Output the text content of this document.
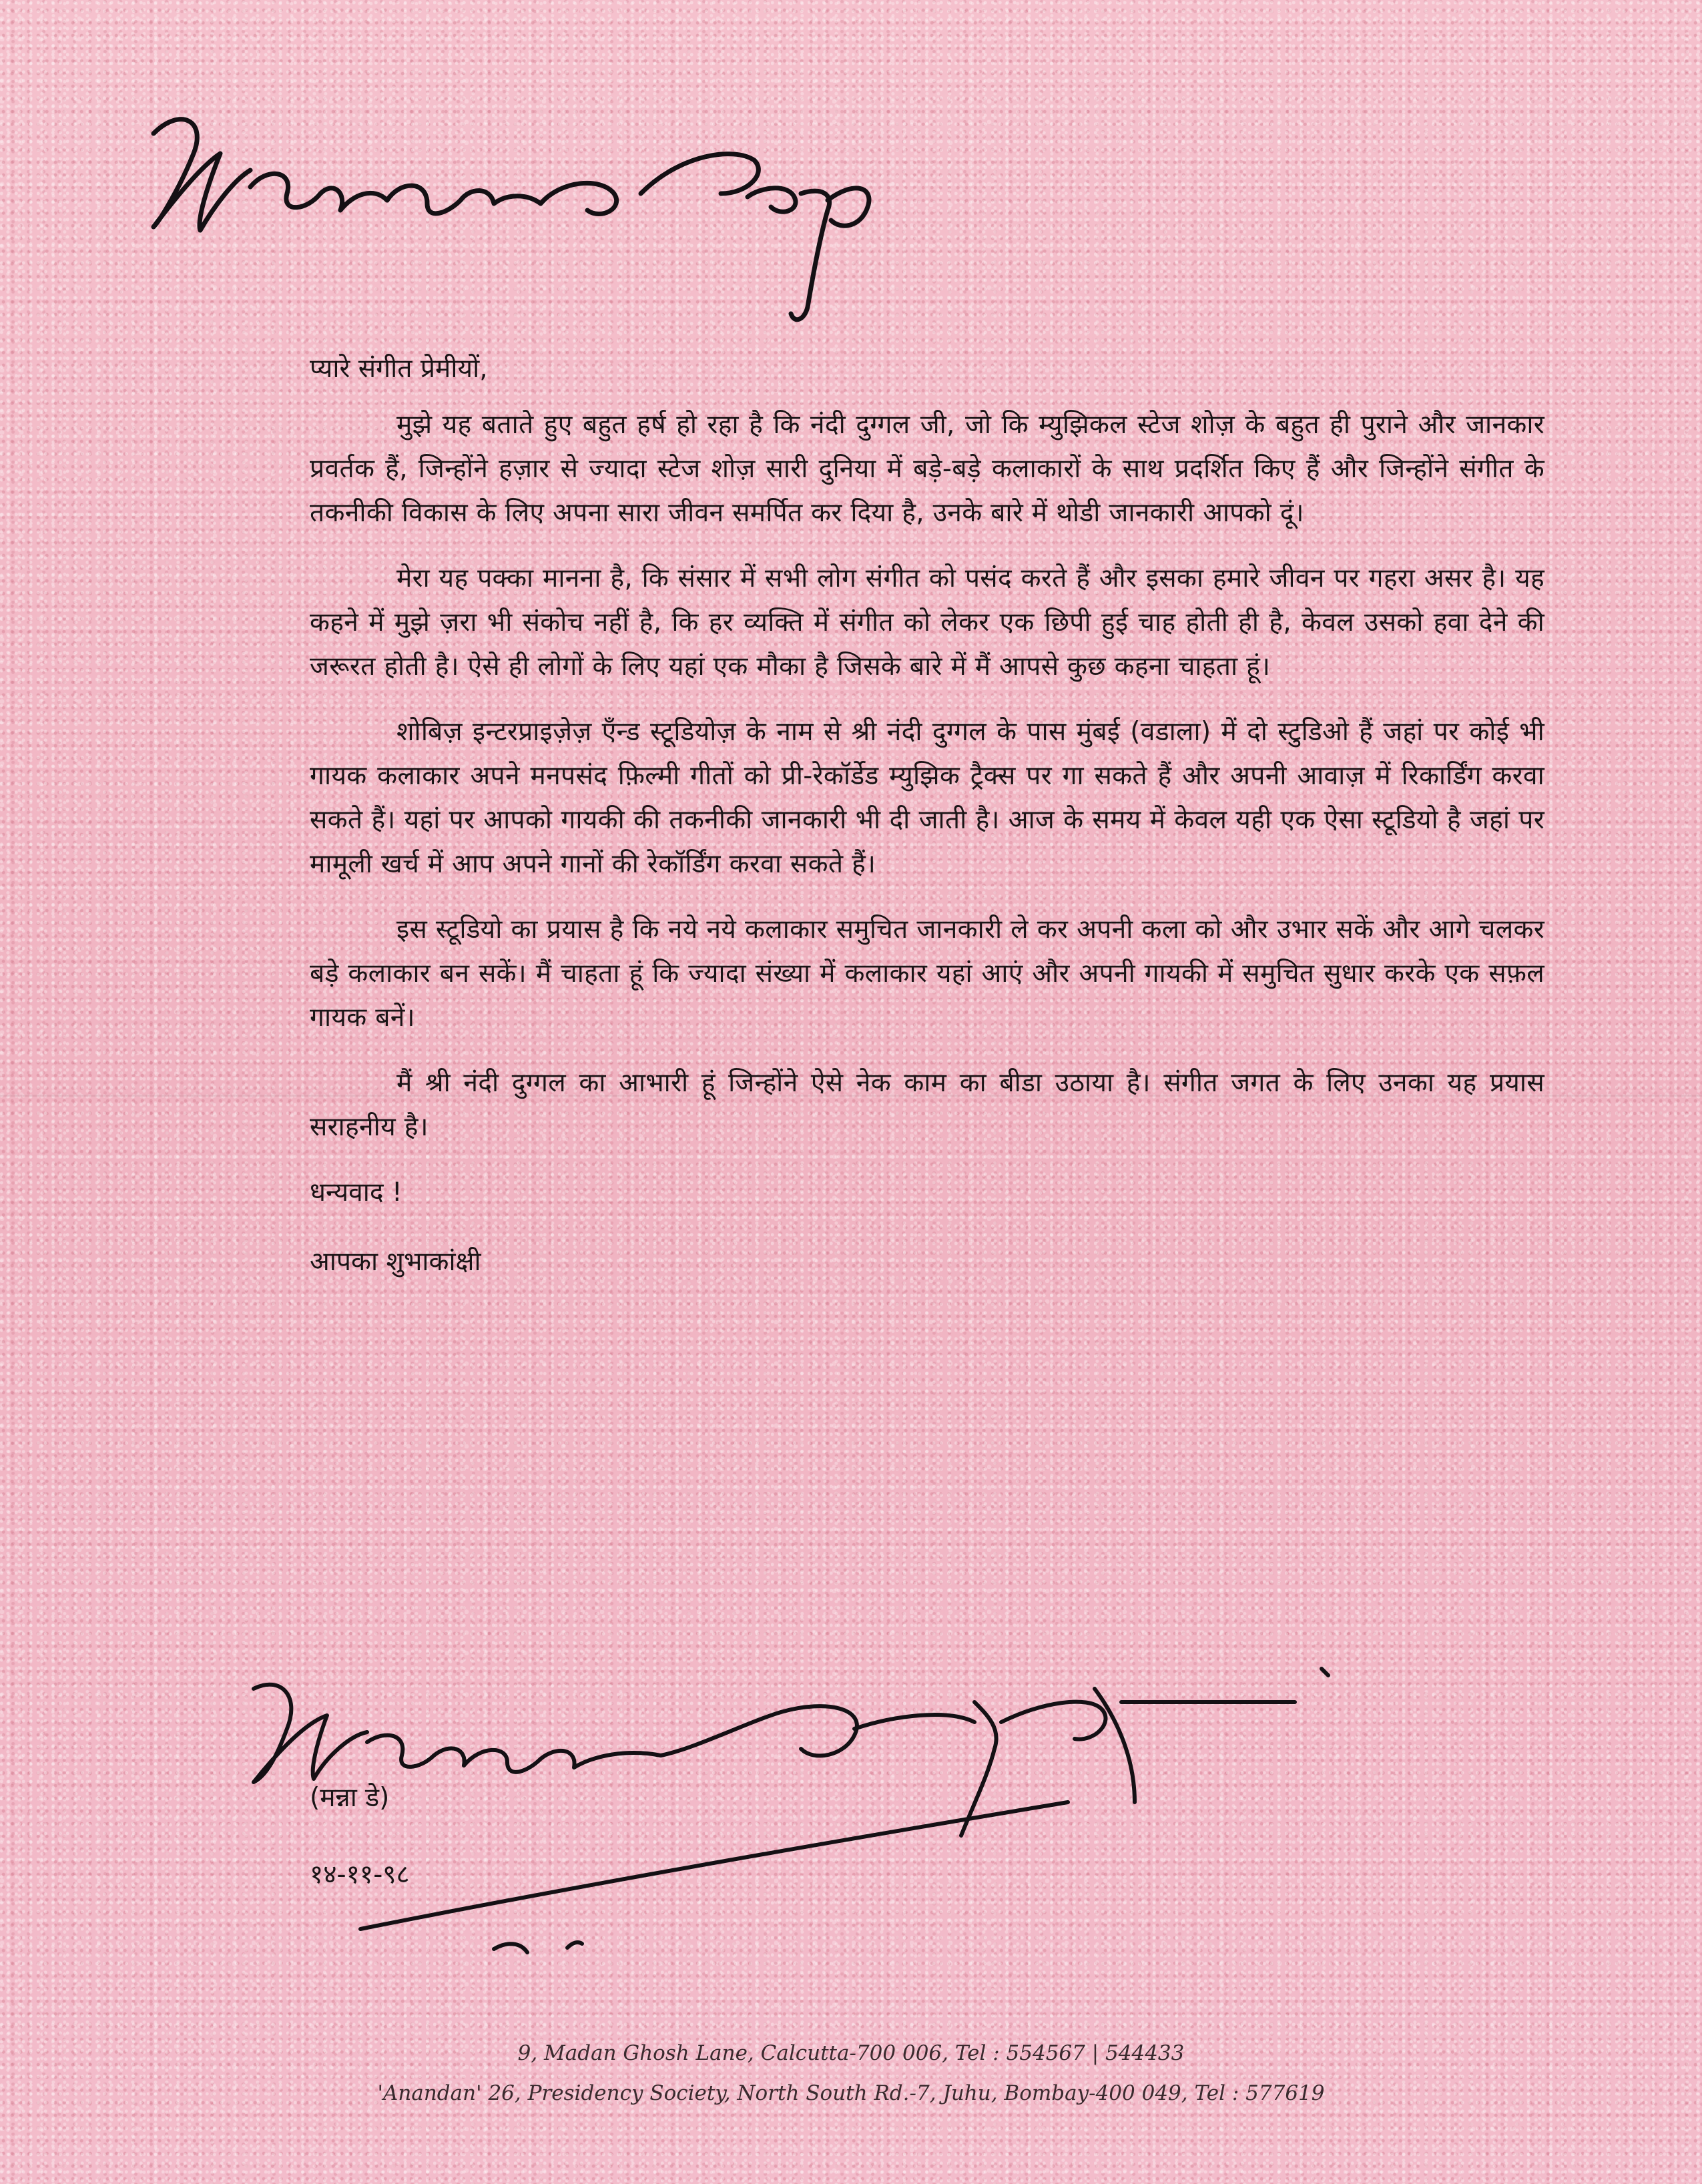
प्यारे संगीत प्रेमीयों,

मुझे यह बताते हुए बहुत हर्ष हो रहा है कि नंदी दुग्गल जी, जो कि म्युझिकल स्टेज शोज़ के बहुत ही पुराने और जानकार प्रवर्तक हैं, जिन्होंने हज़ार से ज्यादा स्टेज शोज़ सारी दुनिया में बड़े-बड़े कलाकारों के साथ प्रदर्शित किए हैं और जिन्होंने संगीत के तकनीकी विकास के लिए अपना सारा जीवन समर्पित कर दिया है, उनके बारे में थोडी जानकारी आपको दूं।

मेरा यह पक्का मानना है, कि संसार में सभी लोग संगीत को पसंद करते हैं और इसका हमारे जीवन पर गहरा असर है। यह कहने में मुझे ज़रा भी संकोच नहीं है, कि हर व्यक्ति में संगीत को लेकर एक छिपी हुई चाह होती ही है, केवल उसको हवा देने की जरूरत होती है। ऐसे ही लोगों के लिए यहां एक मौका है जिसके बारे में मैं आपसे कुछ कहना चाहता हूं।

शोबिज़ इन्टरप्राइज़ेज़ एँन्ड स्टूडियोज़ के नाम से श्री नंदी दुग्गल के पास मुंबई (वडाला) में दो स्टुडिओ हैं जहां पर कोई भी गायक कलाकार अपने मनपसंद फ़िल्मी गीतों को प्री-रेकॉर्डेड म्युझिक ट्रैक्स पर गा सकते हैं और अपनी आवाज़ में रिकार्डिंग करवा सकते हैं। यहां पर आपको गायकी की तकनीकी जानकारी भी दी जाती है। आज के समय में केवल यही एक ऐसा स्टूडियो है जहां पर मामूली खर्च में आप अपने गानों की रेकॉर्डिंग करवा सकते हैं।

इस स्टूडियो का प्रयास है कि नये नये कलाकार समुचित जानकारी ले कर अपनी कला को और उभार सकें और आगे चलकर बड़े कलाकार बन सकें। मैं चाहता हूं कि ज्यादा संख्या में कलाकार यहां आएं और अपनी गायकी में समुचित सुधार करके एक सफ़ल गायक बनें।

मैं श्री नंदी दुग्गल का आभारी हूं जिन्होंने ऐसे नेक काम का बीडा उठाया है। संगीत जगत के लिए उनका यह प्रयास सराहनीय है।

धन्यवाद !

आपका शुभाकांक्षी

(मन्ना डे)
१४-११-९८
9, Madan Ghosh Lane, Calcutta-700 006, Tel : 554567 | 544433
'Anandan' 26, Presidency Society, North South Rd.-7, Juhu, Bombay-400 049, Tel : 577619
